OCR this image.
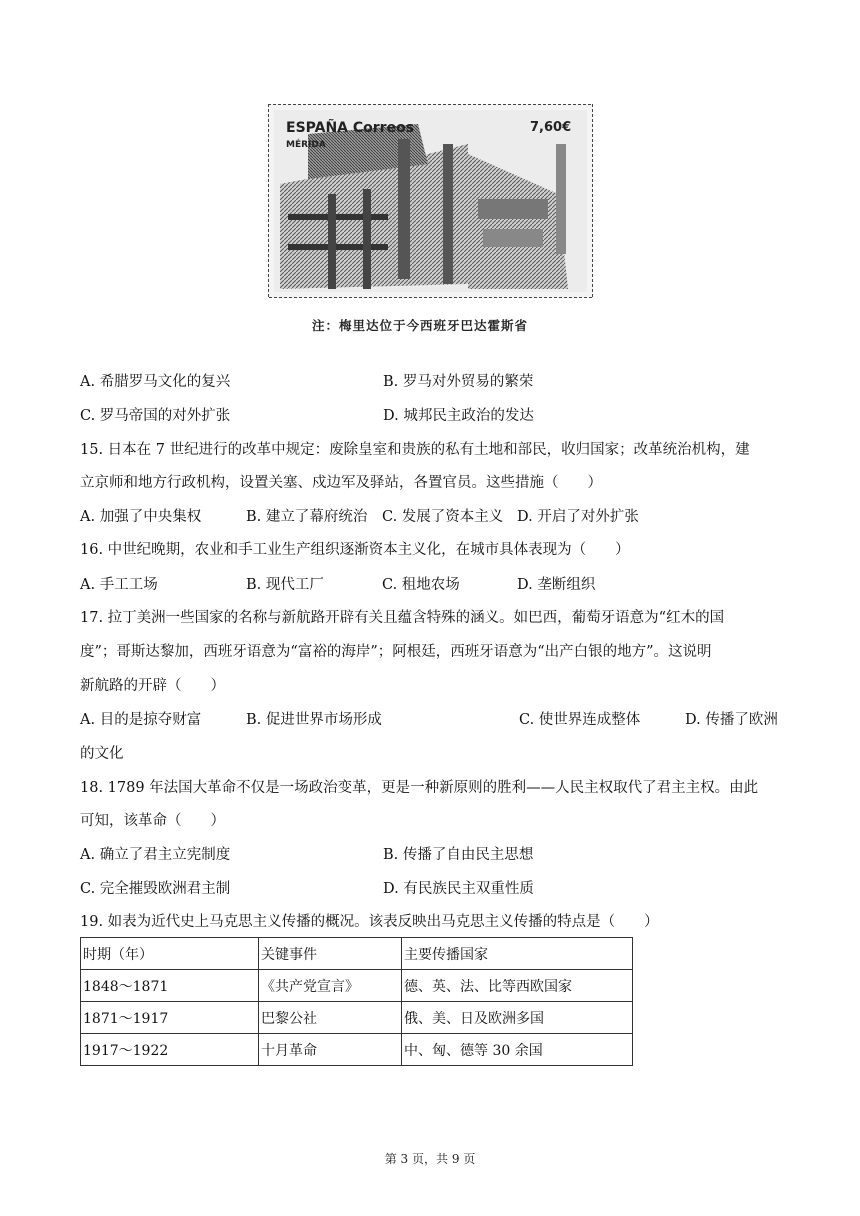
ESPAÑA Correos
MÉRIDA
7,60€
注：梅里达位于今西班牙巴达霍斯省
A. 希腊罗马文化的复兴	B. 罗马对外贸易的繁荣
C. 罗马帝国的对外扩张	D. 城邦民主政治的发达
15. 日本在 7 世纪进行的改革中规定：废除皇室和贵族的私有土地和部民，收归国家；改革统治机构，建
立京师和地方行政机构，设置关塞、戍边军及驿站，各置官员。这些措施（　　）
A. 加强了中央集权	B. 建立了幕府统治 C. 发展了资本主义 D. 开启了对外扩张
16. 中世纪晚期，农业和手工业生产组织逐渐资本主义化，在城市具体表现为（　　）
A. 手工工场	B. 现代工厂	C. 租地农场	D. 垄断组织
17. 拉丁美洲一些国家的名称与新航路开辟有关且蕴含特殊的涵义。如巴西，葡萄牙语意为“红木的国
度”；哥斯达黎加，西班牙语意为“富裕的海岸”；阿根廷，西班牙语意为“出产白银的地方”。这说明
新航路的开辟（　　）
A. 目的是掠夺财富	B. 促进世界市场形成	C. 使世界连成整体	D. 传播了欧洲
的文化
18. 1789 年法国大革命不仅是一场政治变革，更是一种新原则的胜利——人民主权取代了君主主权。由此
可知，该革命（　　）
A. 确立了君主立宪制度	B. 传播了自由民主思想
C. 完全摧毁欧洲君主制	D. 有民族民主双重性质
19. 如表为近代史上马克思主义传播的概况。该表反映出马克思主义传播的特点是（　　）
时期（年）	关键事件	主要传播国家
1848～1871	《共产党宣言》	德、英、法、比等西欧国家
1871～1917	巴黎公社	俄、美、日及欧洲多国
1917～1922	十月革命	中、匈、德等 30 余国
第 3 页，共 9 页
